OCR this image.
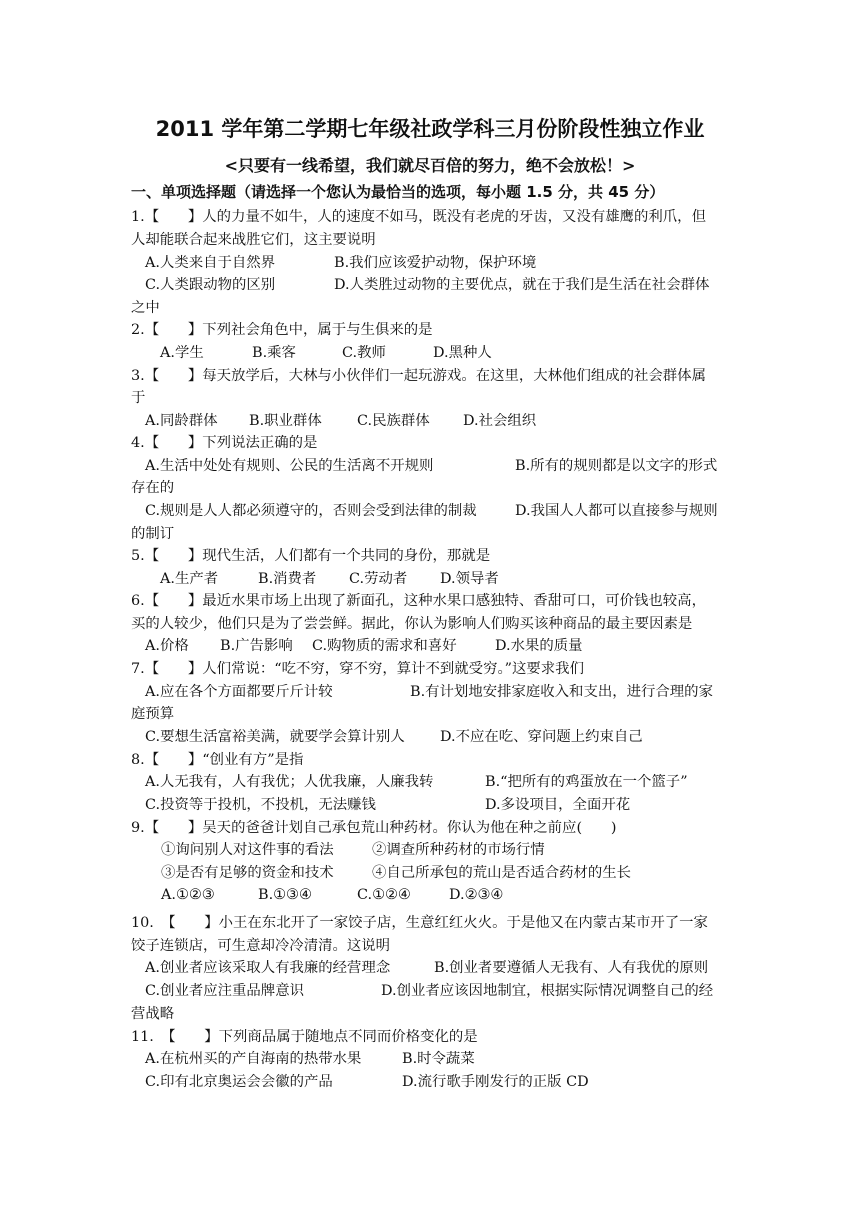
2011 学年第二学期七年级社政学科三月份阶段性独立作业
<只要有一线希望，我们就尽百倍的努力，绝不会放松！>
一、单项选择题（请选择一个您认为最恰当的选项，每小题 1.5 分，共 45 分）
1.【　　】人的力量不如牛，人的速度不如马，既没有老虎的牙齿，又没有雄鹰的利爪，但
人却能联合起来战胜它们，这主要说明
A.人类来自于自然界	B.我们应该爱护动物，保护环境
C.人类跟动物的区别	D.人类胜过动物的主要优点，就在于我们是生活在社会群体
之中
2.【　　】下列社会角色中，属于与生俱来的是
A.学生	B.乘客	C.教师	D.黑种人
3.【　　】每天放学后，大林与小伙伴们一起玩游戏。在这里，大林他们组成的社会群体属
于
A.同龄群体 B.职业群体 C.民族群体 D.社会组织
4.【　　】下列说法正确的是
A.生活中处处有规则、公民的生活离不开规则	B.所有的规则都是以文字的形式
存在的
C.规则是人人都必须遵守的，否则会受到法律的制裁	D.我国人人都可以直接参与规则
的制订
5.【　　】现代生活，人们都有一个共同的身份，那就是
A.生产者	B.消费者 C.劳动者 D.领导者
6.【　　】最近水果市场上出现了新面孔，这种水果口感独特、香甜可口，可价钱也较高，
买的人较少，他们只是为了尝尝鲜。据此，你认为影响人们购买该种商品的最主要因素是
A.价格 B.广告影响 C.购物质的需求和喜好	D.水果的质量
7.【　　】人们常说：“吃不穷，穿不穷，算计不到就受穷。”这要求我们
A.应在各个方面都要斤斤计较	B.有计划地安排家庭收入和支出，进行合理的家
庭预算
C.要想生活富裕美满，就要学会算计别人 D.不应在吃、穿问题上约束自己
8.【　　】“创业有方”是指
A.人无我有，人有我优；人优我廉，人廉我转	B.“把所有的鸡蛋放在一个篮子”
C.投资等于投机，不投机，无法赚钱	D.多设项目，全面开花
9.【　　】吴天的爸爸计划自己承包荒山种药材。你认为他在种之前应(　　)
①询问别人对这件事的看法	②调查所种药材的市场行情
③是否有足够的资金和技术	④自己所承包的荒山是否适合药材的生长
A.①②③	B.①③④	C.①②④	D.②③④
10.　【　　】小王在东北开了一家饺子店，生意红红火火。于是他又在内蒙古某市开了一家
饺子连锁店，可生意却冷冷清清。这说明
A.创业者应该采取人有我廉的经营理念	B.创业者要遵循人无我有、人有我优的原则
C.创业者应注重品牌意识	D.创业者应该因地制宜，根据实际情况调整自己的经
营战略
11.　【　　】下列商品属于随地点不同而价格变化的是
A.在杭州买的产自海南的热带水果	B.时令蔬菜
C.印有北京奥运会会徽的产品	D.流行歌手刚发行的正版 CD
